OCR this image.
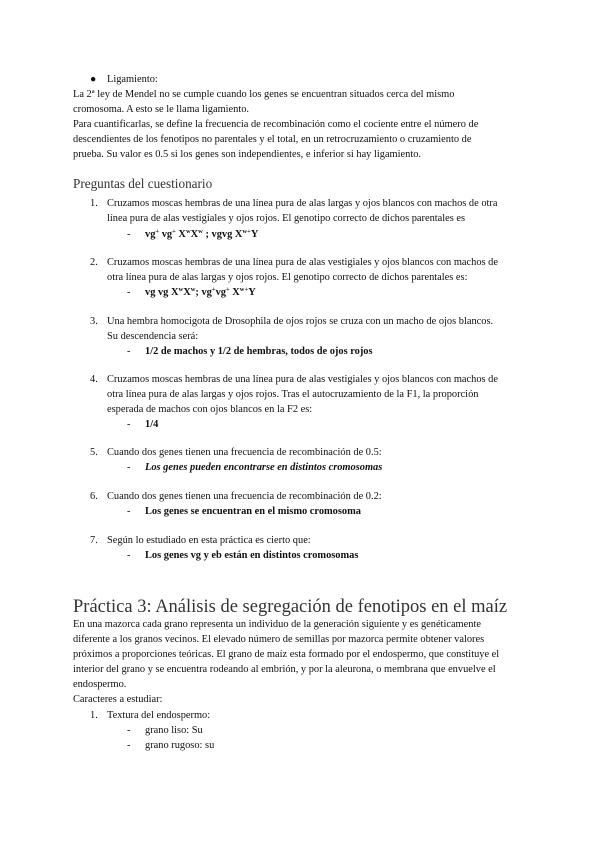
● Ligamiento:
La 2ª ley de Mendel no se cumple cuando los genes se encuentran situados cerca del mismo
cromosoma. A esto se le llama ligamiento.
Para cuantificarlas, se define la frecuencia de recombinación como el cociente entre el número de
descendientes de los fenotipos no parentales y el total, en un retrocruzamiento o cruzamiento de
prueba. Su valor es 0.5 si los genes son independientes, e inferior si hay ligamiento.
Preguntas del cuestionario
1. Cruzamos moscas hembras de una línea pura de alas largas y ojos blancos con machos de otra
línea pura de alas vestigiales y ojos rojos. El genotipo correcto de dichos parentales es
- vg+ vg+ $X^wX^w$ ; vgvg $X^{w+}Y$
2. Cruzamos moscas hembras de una línea pura de alas vestigiales y ojos blancos con machos de
otra línea pura de alas largas y ojos rojos. El genotipo correcto de dichos parentales es:
- vg vg $X^wX^w$; vg+vg+ $X^{w+}Y$
3. Una hembra homocigota de Drosophila de ojos rojos se cruza con un macho de ojos blancos.
Su descendencia será:
- 1/2 de machos y 1/2 de hembras, todos de ojos rojos
4. Cruzamos moscas hembras de una línea pura de alas vestigiales y ojos blancos con machos de
otra línea pura de alas largas y ojos rojos. Tras el autocruzamiento de la F1, la proporción
esperada de machos con ojos blancos en la F2 es:
- 1/4
5. Cuando dos genes tienen una frecuencia de recombinación de 0.5:
- Los genes pueden encontrarse en distintos cromosomas
6. Cuando dos genes tienen una frecuencia de recombinación de 0.2:
- Los genes se encuentran en el mismo cromosoma
7. Según lo estudiado en esta práctica es cierto que:
- Los genes vg y eb están en distintos cromosomas
Práctica 3: Análisis de segregación de fenotipos en el maíz
En una mazorca cada grano representa un individuo de la generación siguiente y es genéticamente
diferente a los granos vecinos. El elevado número de semillas por mazorca permite obtener valores
próximos a proporciones teóricas. El grano de maíz esta formado por el endospermo, que constituye el
interior del grano y se encuentra rodeando al embrión, y por la aleurona, o membrana que envuelve el
endospermo.
Caracteres a estudiar:
1. Textura del endospermo:
- grano liso: Su
- grano rugoso: su
